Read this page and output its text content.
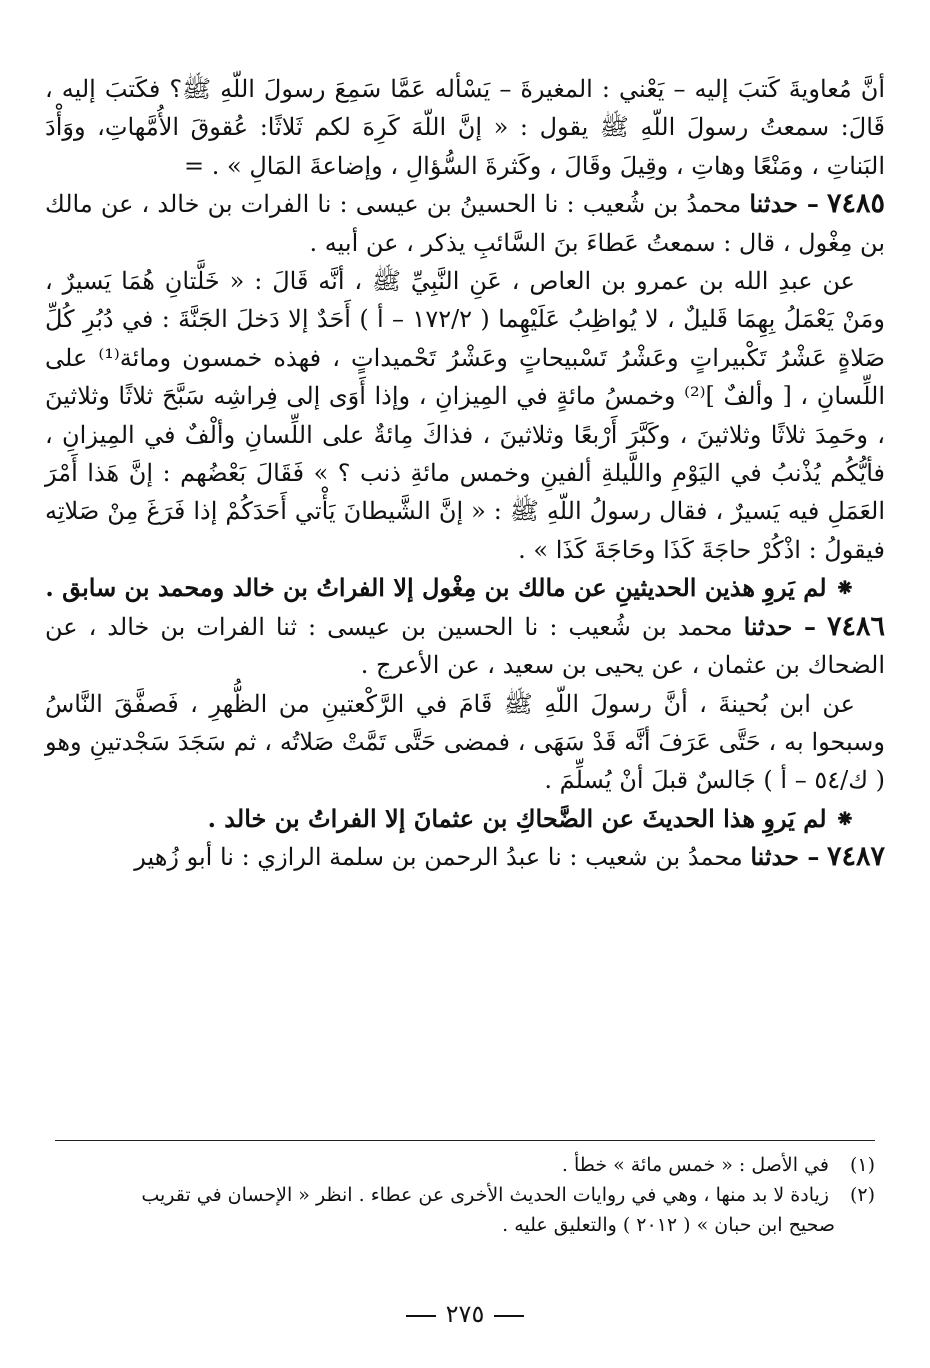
أنَّ مُعاويةَ كَتبَ إليه – يَعْني : المغيرةَ – يَسْأله عَمَّا سَمِعَ رسولَ اللّهِ ﷺ؟ فكَتبَ إليه ، قَالَ: سمعتُ رسولَ اللّهِ ﷺ يقول : « إنَّ اللّهَ كَرِهَ لكم ثَلاثًا: عُقوقَ الأُمَّهاتِ، ووَأْدَ البَناتِ ، ومَنْعًا وهاتِ ، وقِيلَ وقَالَ ، وكَثرةَ السُّؤالِ ، وإضاعةَ المَالِ » . =

٧٤٨٥ – حدثنا محمدُ بن شُعيب : نا الحسينُ بن عيسى : نا الفرات بن خالد ، عن مالك بن مِغْول ، قال : سمعتُ عَطاءَ بنَ السَّائبِ يذكر ، عن أبيه .

عن عبدِ الله بن عمرو بن العاص ، عَنِ النَّبِيِّ ﷺ ، أنَّه قَالَ : « خَلَّتانِ هُمَا يَسيرٌ ، ومَنْ يَعْمَلُ بِهِمَا قَليلٌ ، لا يُواظِبُ عَلَيْهِما ( ١٧٢/٢ – أ ) أَحَدٌ إلا دَخلَ الجَنَّةَ : في دُبُرِ كُلِّ صَلاةٍ عَشْرُ تَكْبيراتٍ وعَشْرُ تَسْبيحاتٍ وعَشْرُ تَحْميداتٍ ، فهذه خمسون ومائة⁽¹⁾ على اللِّسانِ ، [ وألفٌ ]⁽²⁾ وخمسُ مائةٍ في المِيزانِ ، وإذا أَوَى إلى فِراشِه سَبَّحَ ثلاثًا وثلاثينَ ، وحَمِدَ ثلاثًا وثلاثينَ ، وكَبَّرَ أَرْبعًا وثلاثينَ ، فذاكَ مِائةٌ على اللِّسانِ وألْفٌ في المِيزانِ ، فأيُّكُم يُذْنبُ في اليَوْمِ واللَّيلةِ ألفينِ وخمس مائةِ ذنب ؟ » فَقَالَ بَعْضُهم : إنَّ هَذا أَمْرَ العَمَلِ فيه يَسيرٌ ، فقال رسولُ اللّهِ ﷺ : « إنَّ الشَّيطانَ يَأْتي أَحَدَكُمْ إذا فَرَغَ مِنْ صَلاتِه فيقولُ : اذْكُرْ حاجَةَ كَذَا وحَاجَةَ كَذَا » .

⁕ لم يَروِ هذين الحديثينِ عن مالك بن مِغْول إلا الفراتُ بن خالد ومحمد بن سابق .

٧٤٨٦ – حدثنا محمد بن شُعيب : نا الحسين بن عيسى : ثنا الفرات بن خالد ، عن الضحاك بن عثمان ، عن يحيى بن سعيد ، عن الأعرج .

عن ابن بُحينةَ ، أنَّ رسولَ اللّهِ ﷺ قَامَ في الرَّكْعتينِ من الظُّهرِ ، فَصفَّقَ النَّاسُ وسبحوا به ، حَتَّى عَرَفَ أنَّه قَدْ سَهَى ، فمضى حَتَّى تَمَّتْ صَلاتُه ، ثم سَجَدَ سَجْدتينِ وهو ( ك/٥٤ – أ ) جَالسٌ قبلَ أنْ يُسلِّمَ .

⁕ لم يَروِ هذا الحديثَ عن الضَّحاكِ بن عثمانَ إلا الفراتُ بن خالد .

٧٤٨٧ – حدثنا محمدُ بن شعيب : نا عبدُ الرحمن بن سلمة الرازي : نا أبو زُهير

(١) في الأصل : « خمس مائة » خطأ .

(٢) زيادة لا بد منها ، وهي في روايات الحديث الأخرى عن عطاء . انظر « الإحسان في تقريب

صحيح ابن حبان » ( ٢٠١٢ ) والتعليق عليه .

٢٧٥
